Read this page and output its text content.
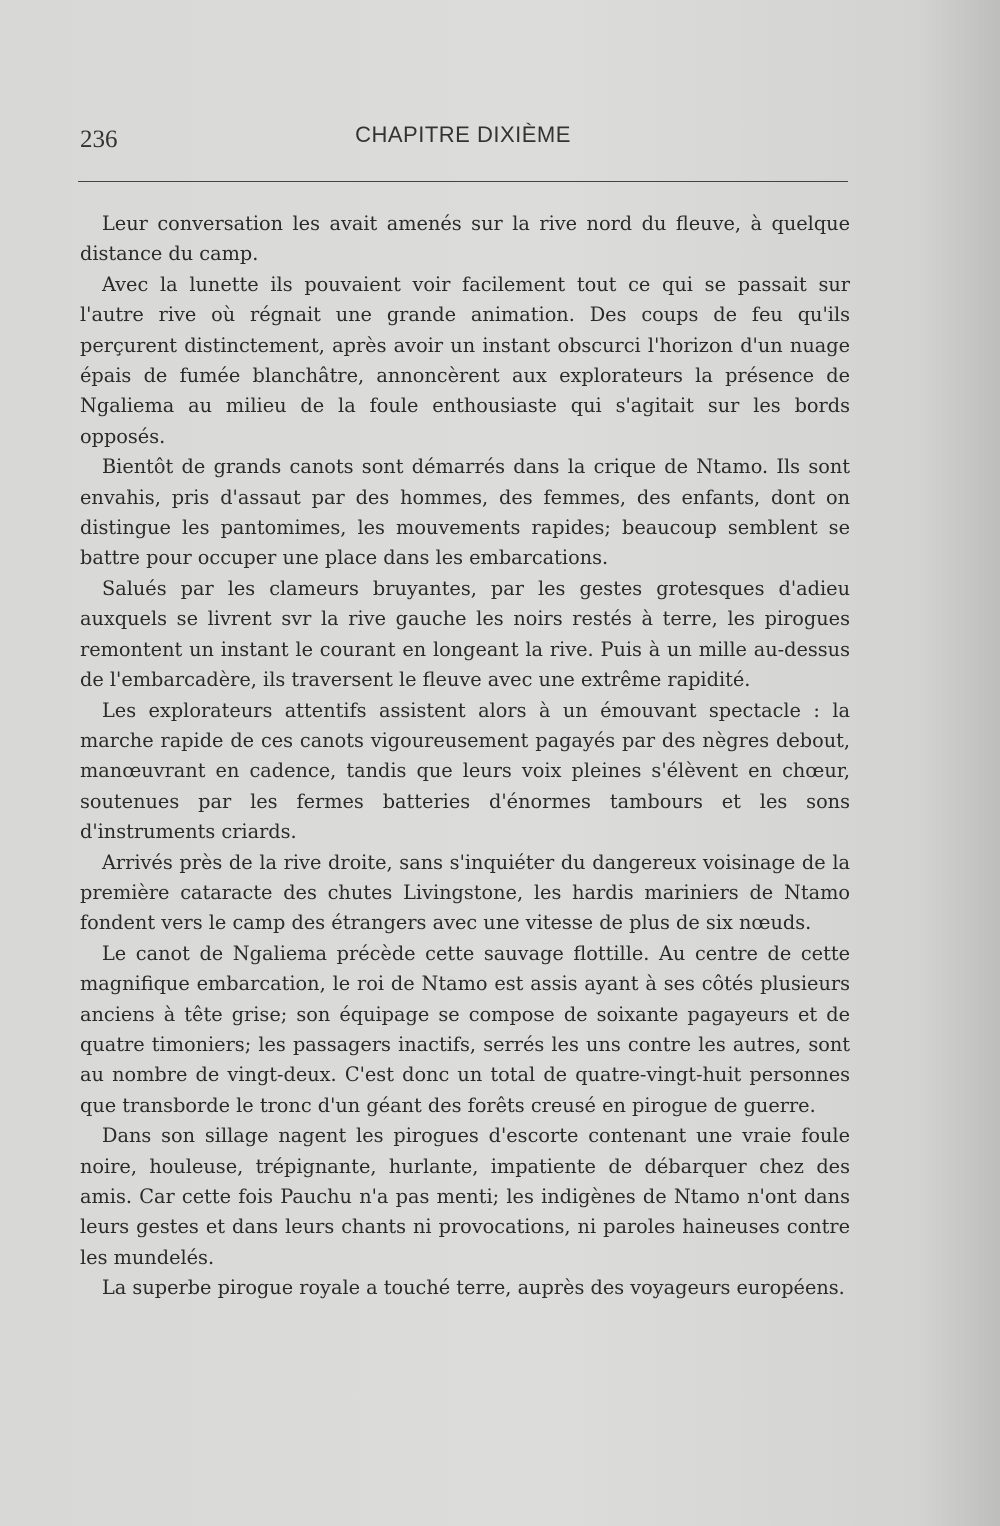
236	CHAPITRE DIXIÈME

Leur conversation les avait amenés sur la rive nord du fleuve, à quelque distance du camp.

Avec la lunette ils pouvaient voir facilement tout ce qui se passait sur l'autre rive où régnait une grande animation. Des coups de feu qu'ils perçurent distinctement, après avoir un instant obscurci l'horizon d'un nuage épais de fumée blanchâtre, annoncèrent aux explorateurs la présence de Ngaliema au milieu de la foule enthousiaste qui s'agitait sur les bords opposés.

Bientôt de grands canots sont démarrés dans la crique de Ntamo. Ils sont envahis, pris d'assaut par des hommes, des femmes, des enfants, dont on distingue les pantomimes, les mouvements rapides; beaucoup semblent se battre pour occuper une place dans les embarcations.

Salués par les clameurs bruyantes, par les gestes grotesques d'adieu auxquels se livrent svr la rive gauche les noirs restés à terre, les pirogues remontent un instant le courant en longeant la rive. Puis à un mille au-dessus de l'embarcadère, ils traversent le fleuve avec une extrême rapidité.

Les explorateurs attentifs assistent alors à un émouvant spectacle : la marche rapide de ces canots vigoureusement pagayés par des nègres debout, manœuvrant en cadence, tandis que leurs voix pleines s'élèvent en chœur, soutenues par les fermes batteries d'énormes tambours et les sons d'instruments criards.

Arrivés près de la rive droite, sans s'inquiéter du dangereux voisinage de la première cataracte des chutes Livingstone, les hardis mariniers de Ntamo fondent vers le camp des étrangers avec une vitesse de plus de six nœuds.

Le canot de Ngaliema précède cette sauvage flottille. Au centre de cette magnifique embarcation, le roi de Ntamo est assis ayant à ses côtés plusieurs anciens à tête grise; son équipage se compose de soixante pagayeurs et de quatre timoniers; les passagers inactifs, serrés les uns contre les autres, sont au nombre de vingt-deux. C'est donc un total de quatre-vingt-huit personnes que transborde le tronc d'un géant des forêts creusé en pirogue de guerre.

Dans son sillage nagent les pirogues d'escorte contenant une vraie foule noire, houleuse, trépignante, hurlante, impatiente de débarquer chez des amis. Car cette fois Pauchu n'a pas menti; les indigènes de Ntamo n'ont dans leurs gestes et dans leurs chants ni provocations, ni paroles haineuses contre les mundelés.

La superbe pirogue royale a touché terre, auprès des voyageurs européens.
